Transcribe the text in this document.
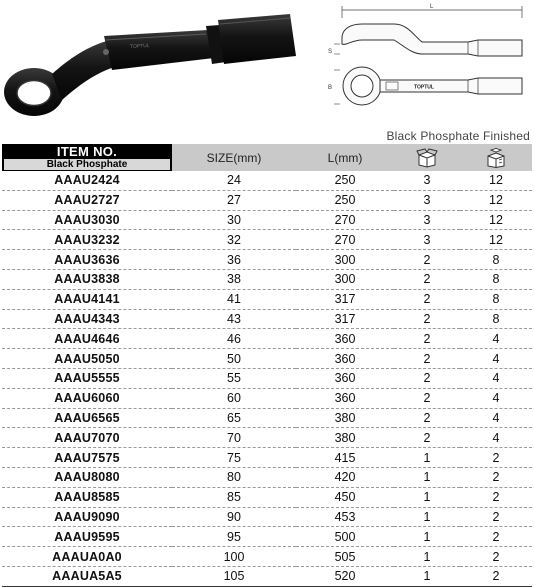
TOPTUL
L
S
TOPTUL
B
Black Phosphate Finished
ITEM NO.
Black Phosphate	SIZE(mm)	L(mm)	

AAAU2424	24	250	3	12
AAAU2727	27	250	3	12
AAAU3030	30	270	3	12
AAAU3232	32	270	3	12
AAAU3636	36	300	2	8
AAAU3838	38	300	2	8
AAAU4141	41	317	2	8
AAAU4343	43	317	2	8
AAAU4646	46	360	2	4
AAAU5050	50	360	2	4
AAAU5555	55	360	2	4
AAAU6060	60	360	2	4
AAAU6565	65	380	2	4
AAAU7070	70	380	2	4
AAAU7575	75	415	1	2
AAAU8080	80	420	1	2
AAAU8585	85	450	1	2
AAAU9090	90	453	1	2
AAAU9595	95	500	1	2
AAAUA0A0	100	505	1	2
AAAUA5A5	105	520	1	2
